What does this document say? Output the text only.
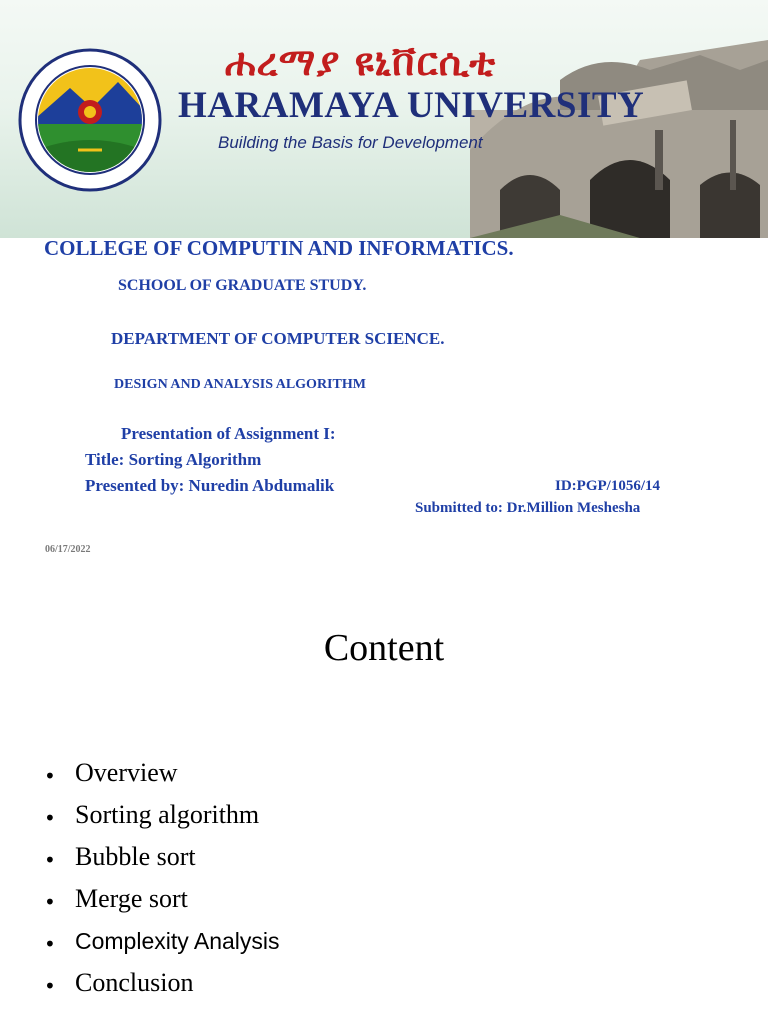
ሐረማያ ዩኒቨርሲቲ
HARAMAYA UNIVERSITY
Building the Basis for Development
COLLEGE OF COMPUTIN AND INFORMATICS.
SCHOOL OF GRADUATE STUDY.
DEPARTMENT OF COMPUTER SCIENCE.
DESIGN AND ANALYSIS ALGORITHM
Presentation of Assignment I:
Title: Sorting Algorithm
Presented by: Nuredin Abdumalik	ID:PGP/1056/14
Submitted to: Dr.Million Meshesha
06/17/2022
Content
• Overview
• Sorting algorithm
• Bubble sort
• Merge sort
• Complexity Analysis
• Conclusion
